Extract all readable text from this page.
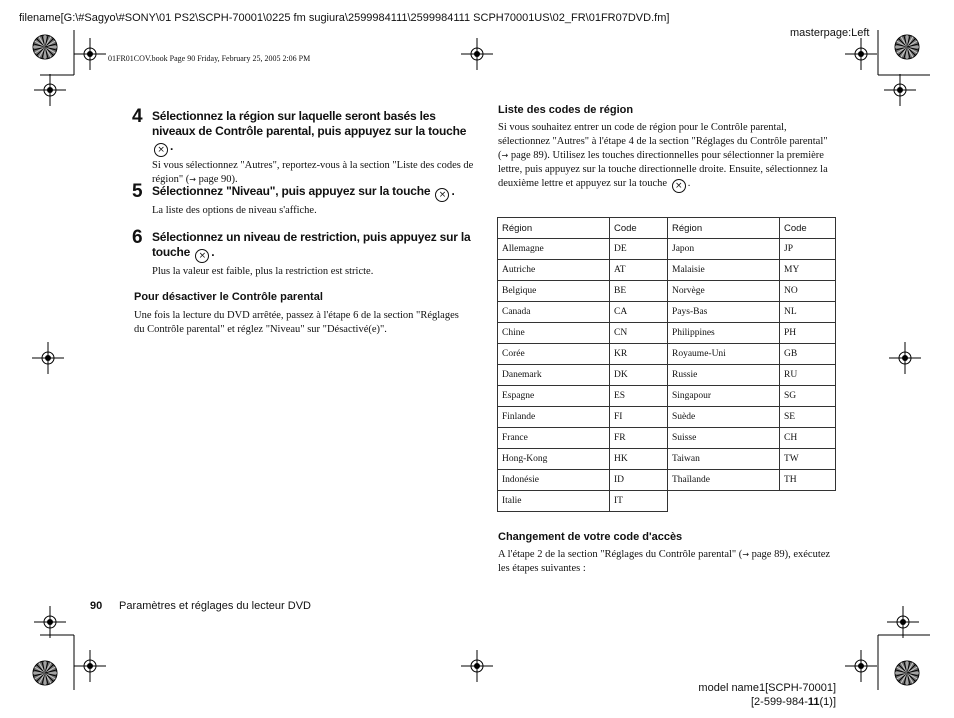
filename[G:\#Sagyo\#SONY\01 PS2\SCPH-70001\0225 fm sugiura\2599984111\2599984111 SCPH70001US\02_FR\01FR07DVD.fm]
masterpage:Left
01FR01COV.book Page 90 Friday, February 25, 2005 2:06 PM
4 Sélectionnez la région sur laquelle seront basés les niveaux de Contrôle parental, puis appuyez sur la touche × .
Si vous sélectionnez "Autres", reportez-vous à la section "Liste des codes de région" (→ page 90).
5 Sélectionnez "Niveau", puis appuyez sur la touche × .
La liste des options de niveau s'affiche.
6 Sélectionnez un niveau de restriction, puis appuyez sur la touche × .
Plus la valeur est faible, plus la restriction est stricte.
Pour désactiver le Contrôle parental
Une fois la lecture du DVD arrêtée, passez à l'étape 6 de la section "Réglages du Contrôle parental" et réglez "Niveau" sur "Désactivé(e)".
Liste des codes de région
Si vous souhaitez entrer un code de région pour le Contrôle parental, sélectionnez "Autres" à l'étape 4 de la section "Réglages du Contrôle parental" (→ page 89). Utilisez les touches directionnelles pour sélectionner la première lettre, puis appuyez sur la touche directionnelle droite. Ensuite, sélectionnez la deuxième lettre et appuyez sur la touche × .
Région	Code	Région	Code
Allemagne	DE	Japon	JP
Autriche	AT	Malaisie	MY
Belgique	BE	Norvège	NO
Canada	CA	Pays-Bas	NL
Chine	CN	Philippines	PH
Corée	KR	Royaume-Uni	GB
Danemark	DK	Russie	RU
Espagne	ES	Singapour	SG
Finlande	FI	Suède	SE
France	FR	Suisse	CH
Hong-Kong	HK	Taiwan	TW
Indonésie	ID	Thaïlande	TH
Italie	IT		
Changement de votre code d'accès
A l'étape 2 de la section "Réglages du Contrôle parental" (→ page 89), exécutez les étapes suivantes :
90 Paramètres et réglages du lecteur DVD
model name1[SCPH-70001]
[2-599-984-11(1)]
